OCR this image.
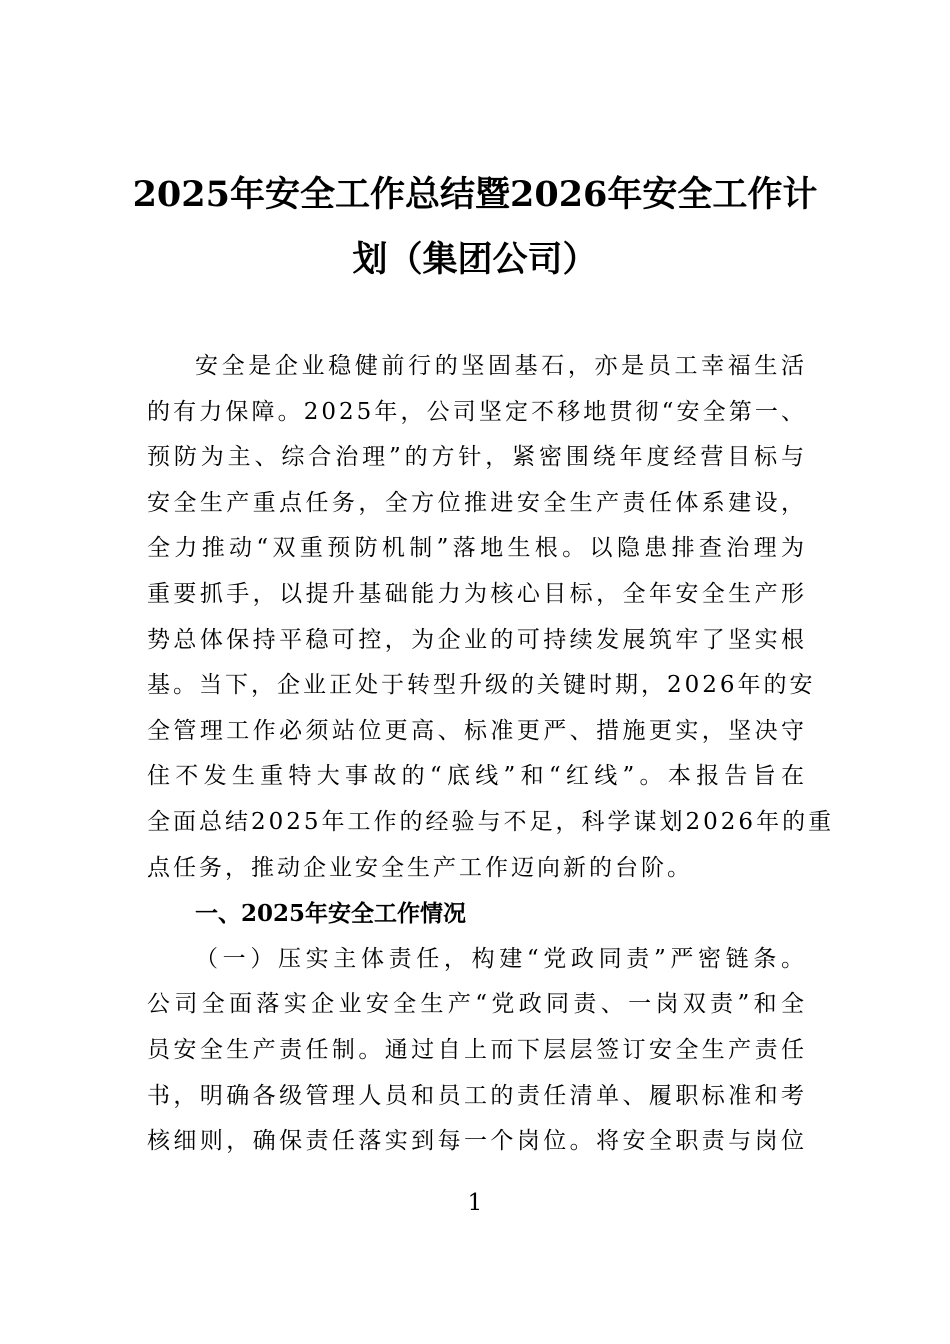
2025年安全工作总结暨2026年安全工作计
划（集团公司）
安全是企业稳健前行的坚固基石，亦是员工幸福生活
的有力保障。2025年，公司坚定不移地贯彻“安全第一、
预防为主、综合治理”的方针，紧密围绕年度经营目标与
安全生产重点任务，全方位推进安全生产责任体系建设，
全力推动“双重预防机制”落地生根。以隐患排查治理为
重要抓手，以提升基础能力为核心目标，全年安全生产形
势总体保持平稳可控，为企业的可持续发展筑牢了坚实根
基。当下，企业正处于转型升级的关键时期，2026年的安
全管理工作必须站位更高、标准更严、措施更实，坚决守
住不发生重特大事故的“底线”和“红线”。本报告旨在
全面总结2025年工作的经验与不足，科学谋划2026年的重
点任务，推动企业安全生产工作迈向新的台阶。
一、2025年安全工作情况
（一）压实主体责任，构建“党政同责”严密链条。
公司全面落实企业安全生产“党政同责、一岗双责”和全
员安全生产责任制。通过自上而下层层签订安全生产责任
书，明确各级管理人员和员工的责任清单、履职标准和考
核细则，确保责任落实到每一个岗位。将安全职责与岗位
1
